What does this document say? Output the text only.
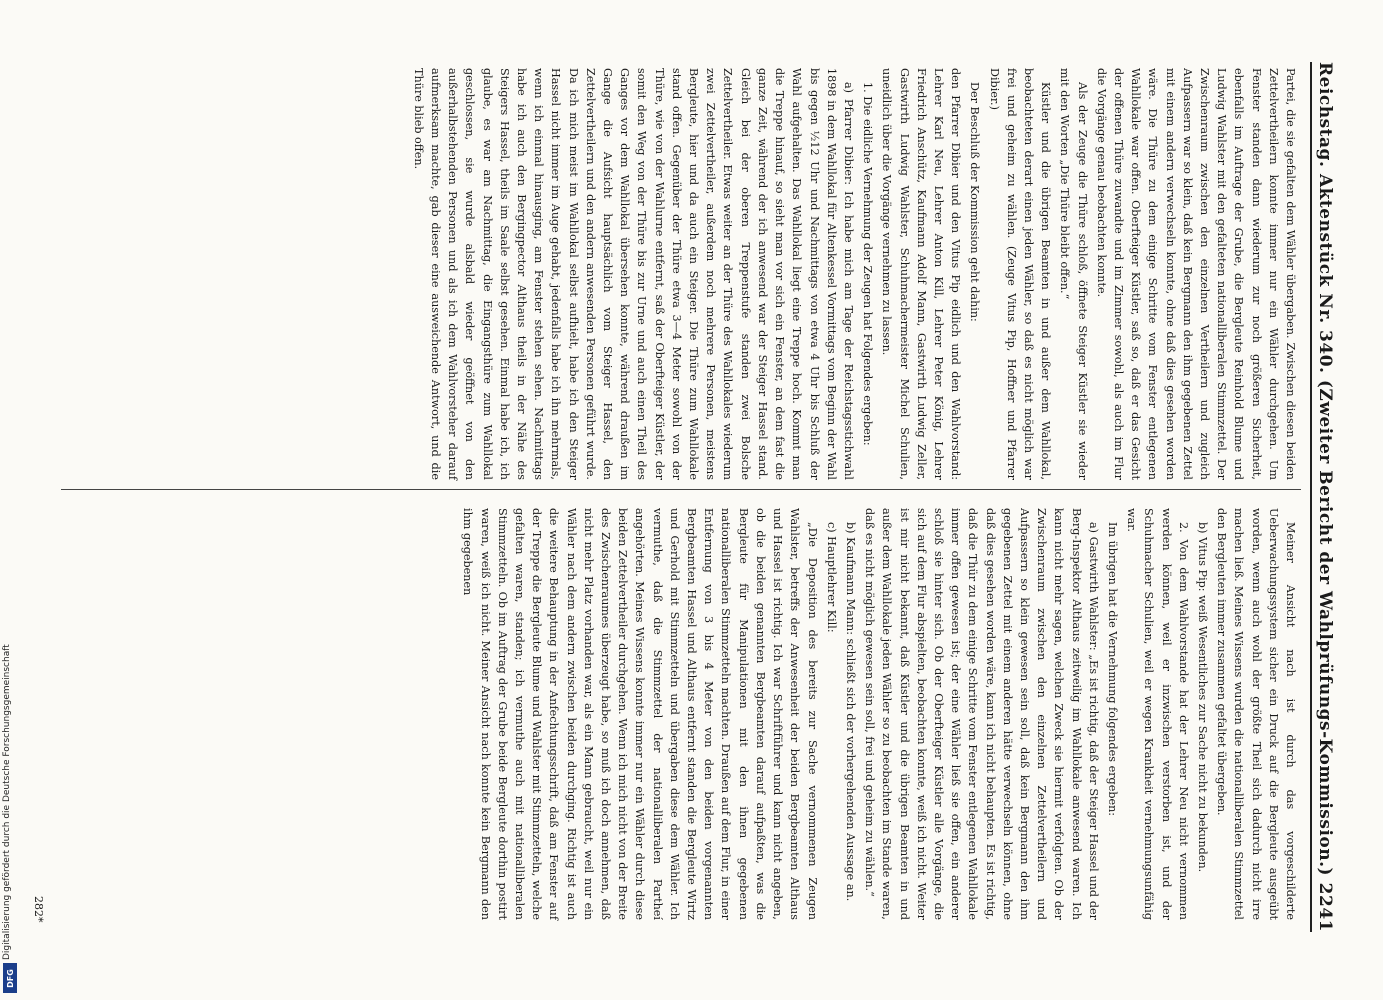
Reichstag.
Aktenstück Nr. 340. (Zweiter Bericht der Wahlprüfungs-Kommission.)
2241

Partei, die sie gefalten dem Wähler übergaben. Zwischen diesen beiden Zettelvertheilern konnte immer nur ein Wähler durchgehen. Um Fenster standen dann wiederum zur noch größeren Sicherheit, ebenfalls im Auftrage der Grube, die Bergleute Reinhold Blume und Ludwig Wahlster mit den gefalteten nationalliberalen Stimmzettel. Der Zwischenraum zwischen den einzelnen Vertheilern und zugleich Aufpassern war so klein, daß kein Bergmann den ihm gegebenen Zettel mit einem andern verwechseln konnte, ohne daß dies gesehen worden wäre. Die Thüre zu dem einige Schritte vom Fenster entlegenen Wahllokale war offen. Oberfteiger Küstler, saß so, daß er das Gesicht der offenen Thüre zuwandte und im Zimmer sowohl, als auch im Flur die Vorgänge genau beobachten konnte.

Als der Zeuge die Thüre schloß, öffnete Steiger Küstler sie wieder mit den Worten „Die Thüre bleibt offen.“

Küstler und die übrigen Beamten in und außer dem Wahllokal, beobachteten derart einen jeden Wähler, so daß es nicht möglich war frei und geheim zu wählen. (Zeuge Vitus Pip, Hoffner und Pfarrer Dibier.)

Der Beschluß der Kommission geht dahin:

den Pfarrer Dibier und den Vitus Pip eidlich und den Wahlvorstand: Lehrer Karl Neu, Lehrer Anton Kill, Lehrer Peter König, Lehrer Friedrich Anschütz, Kaufmann Adolf Mann, Gastwirth Ludwig Zeller, Gastwirth Ludwig Wahlster, Schuhmachermeister Michel Schulien, uneidlich über die Vorgänge vernehmen zu lassen.

1. Die eidliche Vernehmung der Zeugen hat Folgendes ergeben:

a) Pfarrer Dibier: Ich habe mich am Tage der Reichstagsstichwahl 1898 in dem Wahllokal für Altenkessel Vormittags vom Beginn der Wahl bis gegen ½12 Uhr und Nachmittags von etwa 4 Uhr bis Schluß der Wahl aufgehalten. Das Wahllokal liegt eine Treppe hoch. Kommt man die Treppe hinauf, so sieht man vor sich ein Fenster, an dem fast die ganze Zeit, während der ich anwesend war der Steiger Hassel stand. Gleich bei der oberen Treppenstufe standen zwei Bolsche Zettelvertheiler. Etwas weiter an der Thüre des Wahllokales wiederum zwei Zettelvertheiler, außerdem noch mehrere Personen, meistens Bergleute, hier und da auch ein Steiger. Die Thüre zum Wahllokale stand offen. Gegenüber der Thüre etwa 3—4 Meter sowohl von der Thüre, wie von der Wahlurne entfernt, saß der Oberfteiger Küstler, der somit den Weg von der Thüre bis zur Urne und auch einen Theil des Ganges vor dem Wahllokal übersehen konnte, während draußen im Gange die Aufsicht hauptsächlich vom Steiger Hassel, den Zettelvertheilern und den andern anwesenden Personen geführt wurde. Da ich mich meist im Wahllokal selbst aufhielt, habe ich den Steiger Hassel nicht immer im Auge gehabt, jedenfalls habe ich ihn mehrmals, wenn ich einmal hinausging, am Fenster stehen sehen. Nachmittags habe ich auch den Bergingpector Althaus theils in der Nähe des Steigers Hassel, theils im Saale selbst gesehen. Einmal habe ich, ich glaube, es war am Nachmittag, die Eingangsthüre zum Wahllokal geschlossen, sie wurde alsbald wieder geöffnet von den außerhalbstehenden Personen und als ich dem Wahlvorsteher darauf aufmerksam machte, gab dieser eine ausweichende Antwort, und die Thüre blieb offen.

Meiner Ansicht nach ist durch das vorgeschilderte Ueberwachungssystem sicher ein Druck auf die Bergleute ausgeübt worden, wenn auch wohl der größte Theil sich dadurch nicht irre machen ließ. Meines Wissens wurden die nationalliberalen Stimmzettel den Bergleuten immer zusammen gefaltet übergeben.

b) Vitus Pip: weiß Wesentliches zur Sache nicht zu bekunden.

2. Von dem Wahlvorstande hat der Lehrer Neu nicht vernommen werden können, weil er inzwischen verstorben ist, und der Schuhmacher Schulien, weil er wegen Krankheit vernehmungsunfähig war.

Im übrigen hat die Vernehmung folgendes ergeben:

a) Gastwirth Wahlster: „Es ist richtig, daß der Steiger Hassel und der Berg-Inspektor Althaus zeitweilig im Wahllokale anwesend waren. Ich kann nicht mehr sagen, welchen Zweck sie hiermit verfolgten. Ob der Zwischenraum zwischen den einzelnen Zettelvertheilern und Aufpassern so klein gewesen sein soll, daß kein Bergmann den ihm gegebenen Zettel mit einem anderen hätte verwechseln können, ohne daß dies gesehen worden wäre, kann ich nicht behaupten. Es ist richtig, daß die Thür zu dem einige Schritte vom Fenster entlegenen Wahllokale immer offen gewesen ist; der eine Wähler ließ sie offen, ein anderer schloß sie hinter sich. Ob der Oberfteiger Küstler alle Vorgänge, die sich auf dem Flur abspielten, beobachten konnte, weiß ich nicht. Weiter ist mir nicht bekannt, daß Küstler und die übrigen Beamten in und außer dem Wahllokale jeden Wähler so zu beobachten im Stande waren, daß es nicht möglich gewesen sein soll, frei und geheim zu wählen.“

b) Kaufmann Mann: schließt sich der vorhergehenden Aussage an.

c) Hauptlehrer Kill:

„Die Deposition des bereits zur Sache vernommenen Zeugen Wahlster, betreffs der Anwesenheit der beiden Bergbeamten Althaus und Hassel ist richtig. Ich war Schriftführer und kann nicht angeben, ob die beiden genannten Bergbeamten darauf aufpaßten, was die Bergleute für Manipulationen mit den ihnen gegebenen nationalliberalen Stimmzetteln machten. Draußen auf dem Flur, in einer Entfernung von 3 bis 4 Meter von den beiden vorgenannten Bergbeamten Hassel und Althaus entfernt standen die Bergleute Wirtz und Gerhold mit Stimmzetteln und übergaben diese dem Wähler. Ich vermuthe, daß die Stimmzettel der nationalliberalen Partheí angehörten. Meines Wissens konnte immer nur ein Wähler durch diese beiden Zettelvertheiler durchgehen. Wenn ich mich nicht von der Breite des Zwischenraumes überzeugt habe, so muß ich doch annehmen, daß nicht mehr Platz vorhanden war, als ein Mann gebraucht, weil nur ein Wähler nach dem andern zwischen beiden durchging. Richtig ist auch die weitere Behauptung in der Anfechtungsschrift, daß am Fenster auf der Treppe die Bergleute Blume und Wahlster mit Stimmzetteln, welche gefalten waren, standen; ich vermuthe auch mit nationalliberalen Stimmzetteln. Ob im Auftrag der Grube beide Bergleute dorthin postirt waren, weiß ich nicht. Meiner Ansicht nach konnte kein Bergmann den ihm gegebenen

282*
Digitalisierung gefördert durch die Deutsche Forschungsgemeinschaft
DFG
